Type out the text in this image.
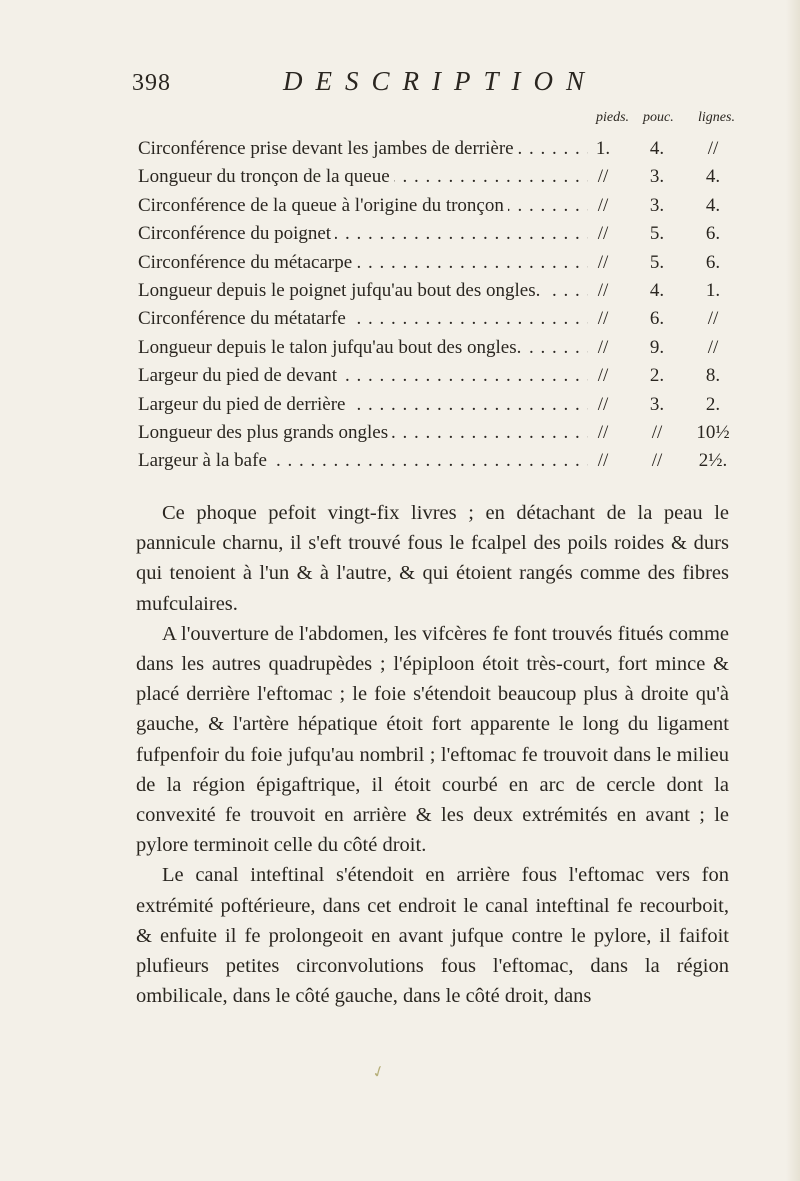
398	DESCRIPTION
pieds. pouc. lignes.
Circonférence prise devant les jambes de derrière . . .	1.	4.	//
Longueur du tronçon de la queue . . .	//	3.	4.
Circonférence de la queue à l'origine du tronçon . . .	//	3.	4.
Circonférence du poignet . . .	//	5.	6.
Circonférence du métacarpe . . .	//	5.	6.
Longueur depuis le poignet jufqu'au bout des ongles. . . .	//	4.	1.
Circonférence du métatarfe . . .	//	6.	//
Longueur depuis le talon jufqu'au bout des ongles. . . .	//	9.	//
Largeur du pied de devant . . .	//	2.	8.
Largeur du pied de derrière . . .	//	3.	2.
Longueur des plus grands ongles . . .	//	//	10½
Largeur à la bafe . . .	//	//	2½.

Ce phoque pefoit vingt-fix livres ; en détachant de la peau le pannicule charnu, il s'eft trouvé fous le fcalpel des poils roides & durs qui tenoient à l'un & à l'autre, & qui étoient rangés comme des fibres mufculaires.

A l'ouverture de l'abdomen, les vifcères fe font trouvés fitués comme dans les autres quadrupèdes ; l'épiploon étoit très-court, fort mince & placé derrière l'eftomac ; le foie s'étendoit beaucoup plus à droite qu'à gauche, & l'artère hépatique étoit fort apparente le long du ligament fufpenfoir du foie jufqu'au nombril ; l'eftomac fe trouvoit dans le milieu de la région épigaftrique, il étoit courbé en arc de cercle dont la convexité fe trouvoit en arrière & les deux extrémités en avant ; le pylore terminoit celle du côté droit.

Le canal inteftinal s'étendoit en arrière fous l'eftomac vers fon extrémité poftérieure, dans cet endroit le canal inteftinal fe recourboit, & enfuite il fe prolongeoit en avant jufque contre le pylore, il faifoit plufieurs petites circonvolutions fous l'eftomac, dans la région ombilicale, dans le côté gauche, dans le côté droit, dans

✓
